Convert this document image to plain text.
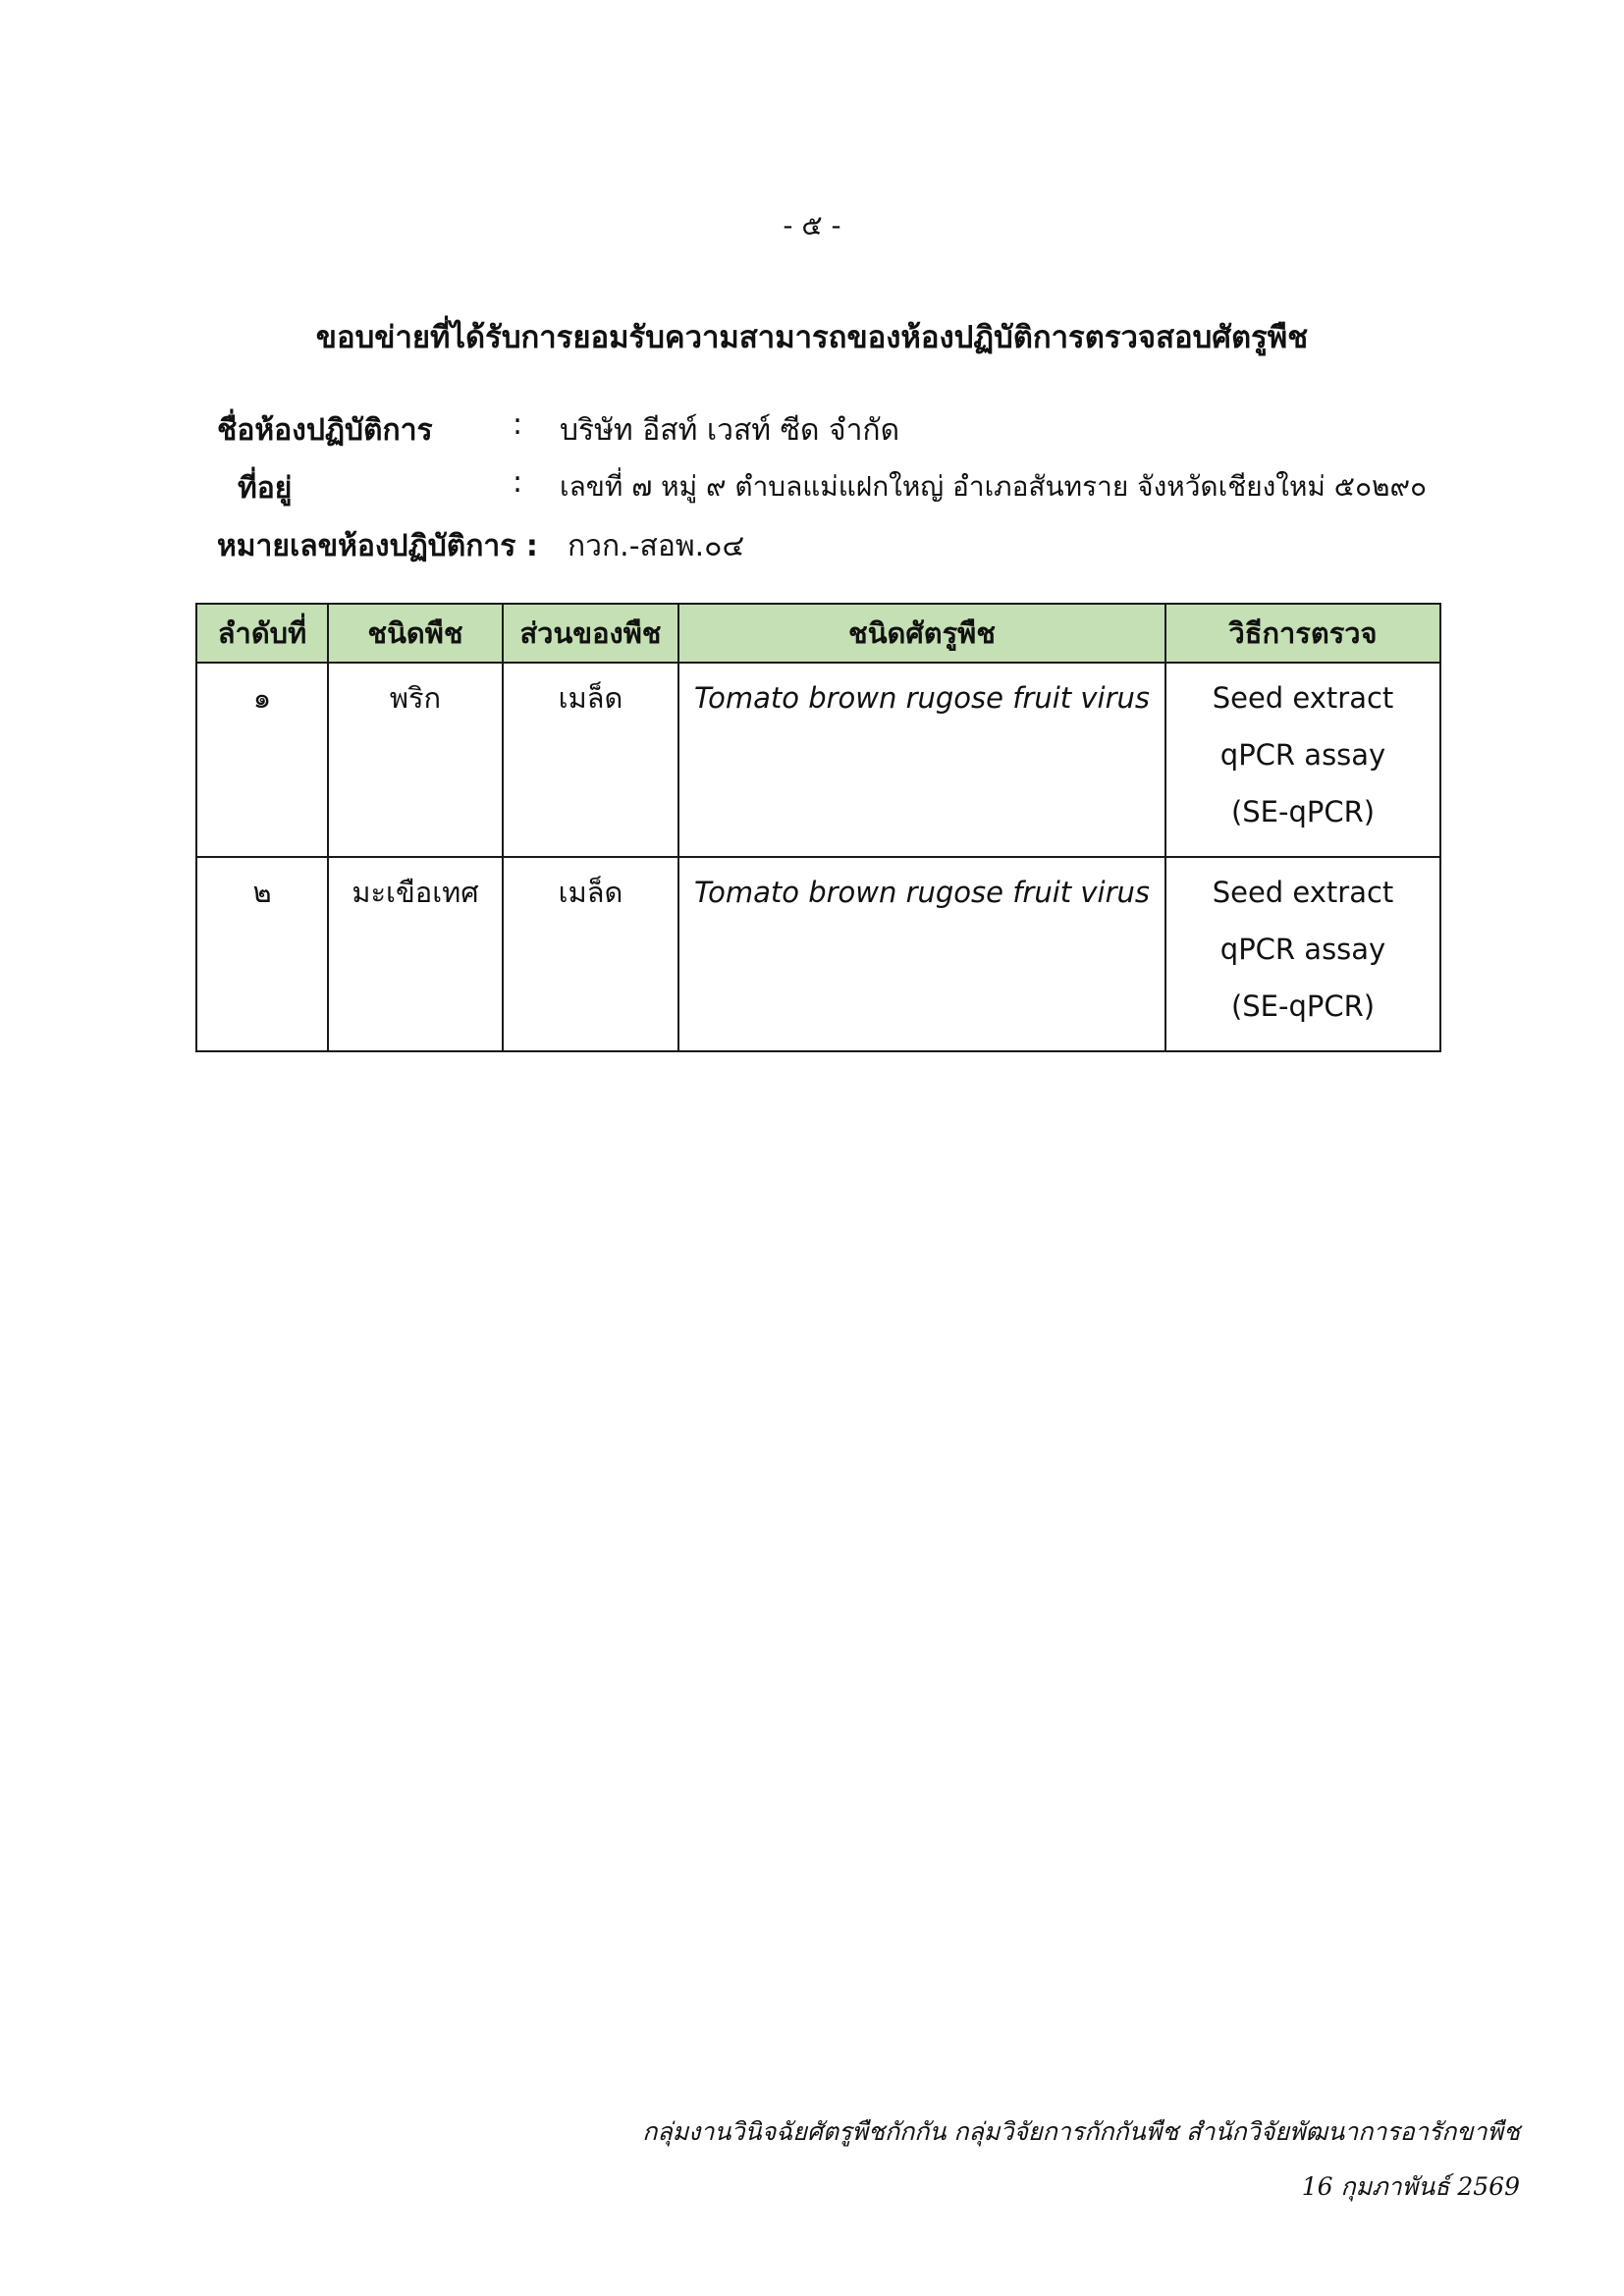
- ๕ -
ขอบข่ายที่ได้รับการยอมรับความสามารถของห้องปฏิบัติการตรวจสอบศัตรูพืช
ชื่อห้องปฏิบัติการ	: บริษัท อีสท์ เวสท์ ซีด จำกัด
ที่อยู่	: เลขที่ ๗ หมู่ ๙ ตำบลแม่แฝกใหญ่ อำเภอสันทราย จังหวัดเชียงใหม่ ๕๐๒๙๐
หมายเลขห้องปฏิบัติการ : กวก.-สอพ.๐๔
ลำดับที่	ชนิดพืช	ส่วนของพืช	ชนิดศัตรูพืช	วิธีการตรวจ
๑	พริก	เมล็ด	Tomato brown rugose fruit virus	Seed extract
qPCR assay
(SE-qPCR)

๒	มะเขือเทศ	เมล็ด	Tomato brown rugose fruit virus	Seed extract
qPCR assay
(SE-qPCR)
กลุ่มงานวินิจฉัยศัตรูพืชกักกัน กลุ่มวิจัยการกักกันพืช สำนักวิจัยพัฒนาการอารักขาพืช
16 กุมภาพันธ์ 2569
